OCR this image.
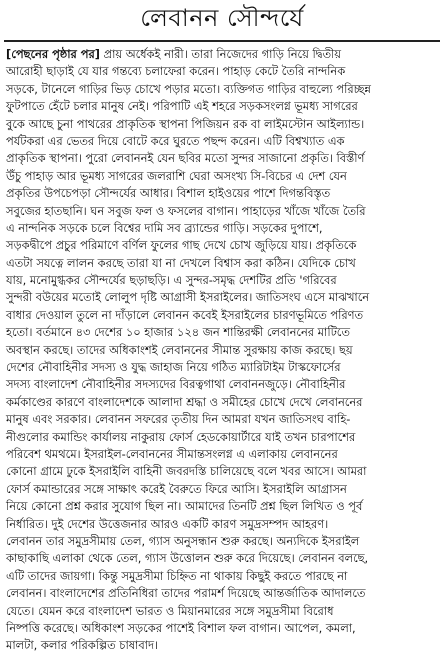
লেবানন সৌন্দর্যে
[পেছনের পৃষ্ঠার পর] প্রায় অর্ধেকই নারী। তারা নিজেদের গাড়ি নিয়ে দ্বিতীয়
আরোহী ছাড়াই যে যার গন্তব্যে চলাফেরা করেন। পাহাড় কেটে তৈরি নান্দনিক
সড়কে, টানেলে গাড়ির ভিড় চোখে পড়ার মতো। ব্যক্তিগত গাড়ির বাহুল্যে পরিচ্ছন্ন
ফুটপাতে হেঁটে চলার মানুষ নেই। পরিপাটি এই শহরে সড়কসংলগ্ন ভূমধ্য সাগরের
বুকে আছে চুনা পাথরের প্রাকৃতিক স্থাপনা পিজিয়ন রক বা লাইমস্টোন আইল্যান্ড।
পর্যটকরা এর ভেতর দিয়ে বোটে করে ঘুরতে পছন্দ করেন। এটি বিশ্বখ্যাত এক
প্রাকৃতিক স্থাপনা। পুরো লেবাননই যেন ছবির মতো সুন্দর সাজানো প্রকৃতি। বিস্তীর্ণ
উঁচু পাহাড় আর ভূমধ্য সাগরের জলরাশি ঘেরা অসংখ্য সি-বিচের এ দেশ যেন
প্রকৃতির উপচেপড়া সৌন্দর্যের আধার। বিশাল হাইওয়ের পাশে দিগন্তবিস্তৃত
সবুজের হাতছানি। ঘন সবুজ ফল ও ফসলের বাগান। পাহাড়ের খাঁজে খাঁজে তৈরি
এ নান্দনিক সড়কে চলে বিশ্বের দামি সব ব্র্যান্ডের গাড়ি। সড়কের দুপাশে,
সড়কদ্বীপে প্রচুর পরিমাণে বর্ণিল ফুলের গাছ দেখে চোখ জুড়িয়ে যায়। প্রকৃতিকে
এতটা সযত্নে লালন করছে তারা যা না দেখলে বিশ্বাস করা কঠিন। যেদিকে চোখ
যায়, মনোমুগ্ধকর সৌন্দর্যের ছড়াছড়ি। এ সুন্দর-সমৃদ্ধ দেশটির প্রতি 'গরিবের
সুন্দরী বউয়ের মতোই লোলুপ দৃষ্টি আগ্রাসী ইসরাইলের। জাতিসংঘ এসে মাঝখানে
বাধার দেওয়াল তুলে না দাঁড়ালে লেবানন কবেই ইসরাইলের চারণভূমিতে পরিণত
হতো। বর্তমানে ৪৩ দেশের ১০ হাজার ১২৪ জন শান্তিরক্ষী লেবাননের মাটিতে
অবস্থান করছে। তাদের অধিকাংশই লেবাননের সীমান্ত সুরক্ষায় কাজ করছে। ছয়
দেশের নৌবাহিনীর সদস্য ও যুদ্ধ জাহাজ নিয়ে গঠিত ম্যারিটাইম টাস্কফোর্সের
সদস্য বাংলাদেশ নৌবাহিনীর সদস্যদের বিরত্বগাথা লেবাননজুড়ে। নৌবাহিনীর
কর্মকাণ্ডের কারণে বাংলাদেশকে আলাদা শ্রদ্ধা ও সমীহের চোখে দেখে লেবাননের
মানুষ এবং সরকার। লেবানন সফরের তৃতীয় দিন আমরা যখন জাতিসংঘ বাহি-
নীগুলোর কমান্ডিং কার্যালয় নাকুরায় ফোর্স হেডকোয়ার্টারে যাই তখন চারপাশের
পরিবেশ থমথমে। ইসরাইল-লেবাননের সীমান্তসংলগ্ন এ এলাকায় লেবাননের
কোনো গ্রামে ঢুকে ইসরাইলি বাহিনী জবরদস্তি চালিয়েছে বলে খবর আসে। আমরা
ফোর্স কমান্ডারের সঙ্গে সাক্ষাৎ করেই বৈরুতে ফিরে আসি। ইসরাইলি আগ্রাসন
নিয়ে কোনো প্রশ্ন করার সুযোগ ছিল না। আমাদের তিনটি প্রশ্ন ছিল লিখিত ও পূর্ব
নির্ধারিত। দুই দেশের উত্তেজনার আরও একটি কারণ সমুদ্রসম্পদ আহরণ।
লেবানন তার সমুদ্রসীমায় তেল, গ্যাস অনুসন্ধান শুরু করছে। অন্যদিকে ইসরাইল
কাছাকাছি এলাকা থেকে তেল, গ্যাস উত্তোলন শুরু করে দিয়েছে। লেবানন বলছে,
এটি তাদের জায়গা। কিন্তু সমুদ্রসীমা চিহ্নিত না থাকায় কিছুই করতে পারছে না
লেবানন। বাংলাদেশের প্রতিনিধিরা তাদের পরামর্শ দিয়েছে আন্তর্জাতিক আদালতে
যেতে। যেমন করে বাংলাদেশ ভারত ও মিয়ানমারের সঙ্গে সমুদ্রসীমা বিরোধ
নিষ্পত্তি করেছে। অধিকাংশ সড়কের পাশেই বিশাল ফল বাগান। আপেল, কমলা,
মালটা, কলার পরিকল্পিত চাষাবাদ।
